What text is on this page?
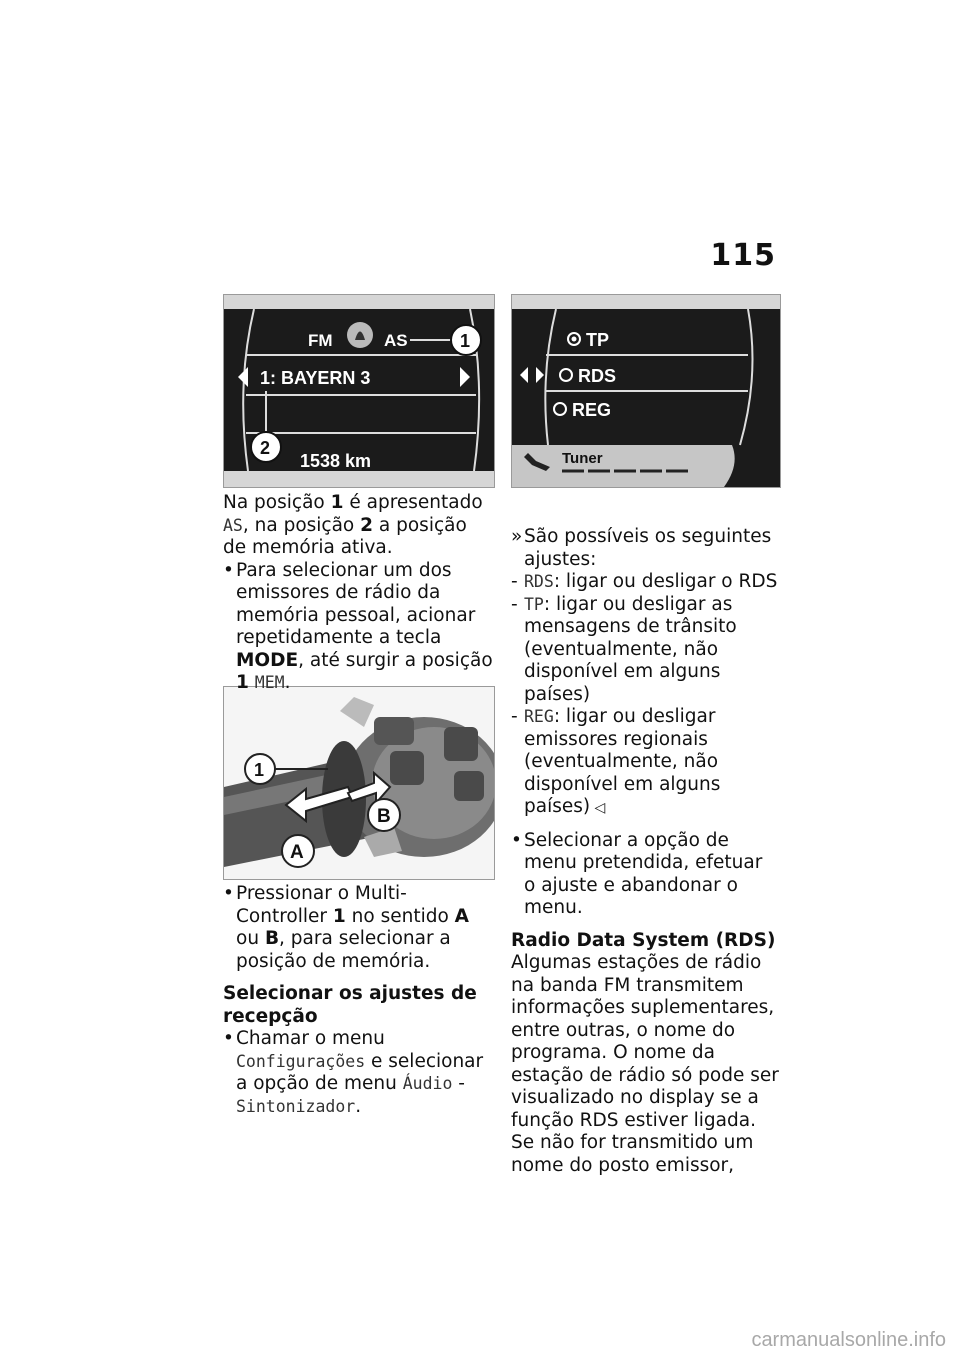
115
FM	AS	1
1: BAYERN 3
2
1538 km
TP
RDS
REG
Tuner
1
A
B

Na posição 1 é apresentado AS, na posição 2 a posição de memória ativa.

• Para selecionar um dos emissores de rádio da memória pessoal, acionar repetidamente a tecla MODE, até surgir a posição 1 MEM.

• Pressionar o Multi-Controller 1 no sentido A ou B, para selecionar a posição de memória.

Selecionar os ajustes de recepção

• Chamar o menu Configurações e selecionar a opção de menu Áudio - Sintonizador.

» São possíveis os seguintes ajustes:

- RDS: ligar ou desligar o RDS

- TP: ligar ou desligar as mensagens de trânsito (eventualmente, não disponível em alguns países)

- REG: ligar ou desligar emissores regionais (eventualmente, não disponível em alguns países) ◁

• Selecionar a opção de menu pretendida, efetuar o ajuste e abandonar o menu.

Radio Data System (RDS)

Algumas estações de rádio na banda FM transmitem informações suplementares, entre outras, o nome do programa. O nome da estação de rádio só pode ser visualizado no display se a função RDS estiver ligada. Se não for transmitido um nome do posto emissor,

carmanualsonline.info
